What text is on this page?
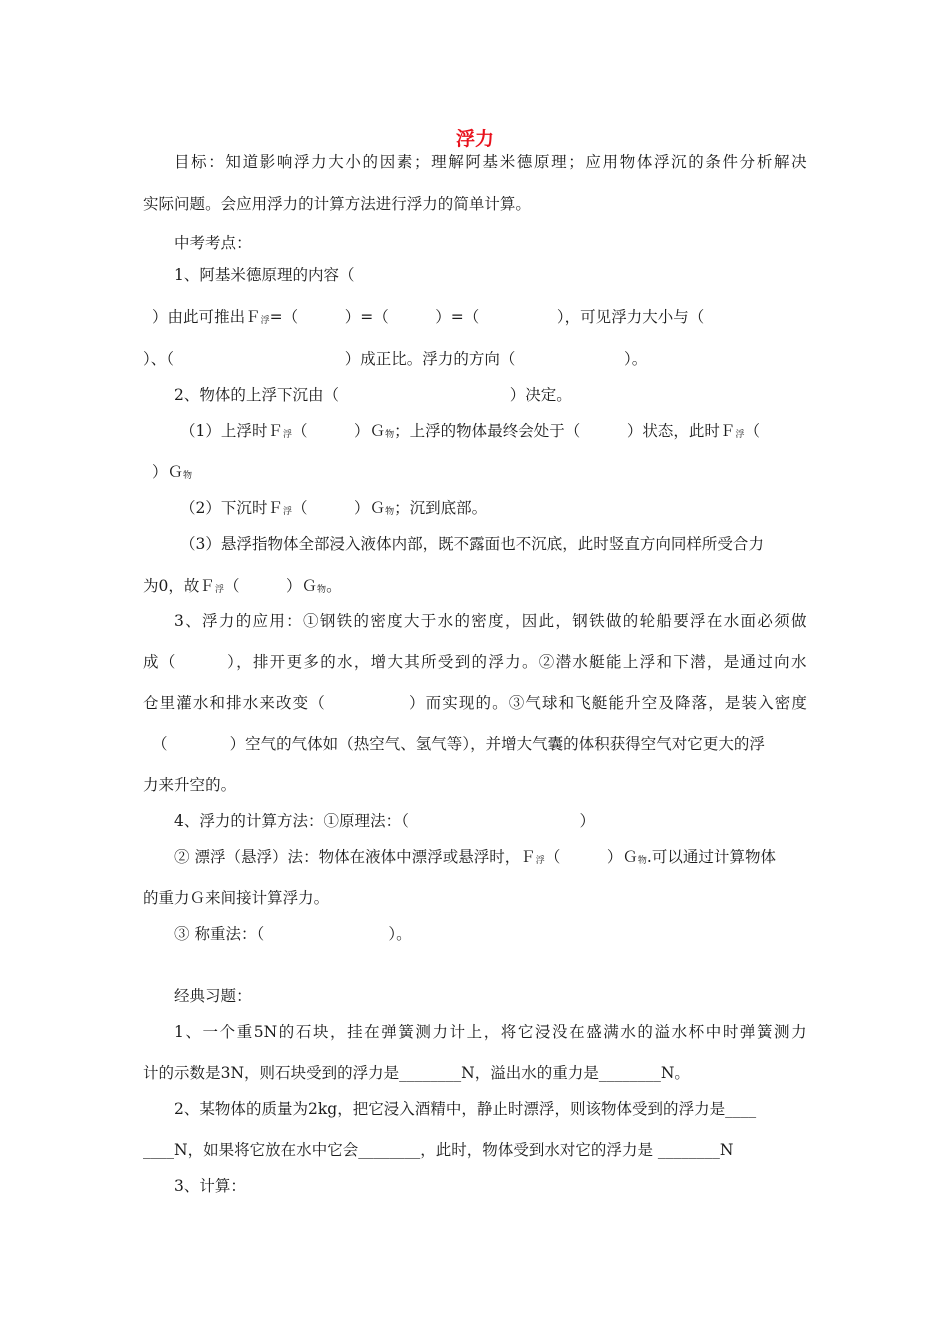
浮力
目标：知道影响浮力大小的因素；理解阿基米德原理；应用物体浮沉的条件分析解决
实际问题。会应用浮力的计算方法进行浮力的简单计算。
中考考点：
1、阿基米德原理的内容（
）由此可推出Ｆ$_浮$=（　　　	）=（　　　	）=（　　　　　	），可见浮力大小与（
）、（　　　　　　　　　　　	）成正比。浮力的方向（　　　　　　　	）。
2、物体的上浮下沉由（　　　　　　　　　　　	）决定。
（1）上浮时Ｆ$_浮$（　　　	）Ｇ$_物$；上浮的物体最终会处于（　　　	）状态，此时Ｆ$_浮$（
）Ｇ$_物$
（2）下沉时Ｆ$_浮$（　　　	）Ｇ$_物$；沉到底部。
（3）悬浮指物体全部浸入液体内部，既不露面也不沉底，此时竖直方向同样所受合力
为0，故Ｆ$_浮$（　　　	）Ｇ$_物$。
3、浮力的应用：①钢铁的密度大于水的密度，因此，钢铁做的轮船要浮在水面必须做
成（　　　	），排开更多的水，增大其所受到的浮力。②潜水艇能上浮和下潜，是通过向水
仓里灌水和排水来改变（　　　　　	）而实现的。③气球和飞艇能升空及降落，是装入密度
（　　　　	）空气的气体如（热空气、氢气等），并增大气囊的体积获得空气对它更大的浮
力来升空的。
4、浮力的计算方法：①原理法：（　　　　　　　　　　　	）
② 漂浮（悬浮）法：物体在液体中漂浮或悬浮时，Ｆ$_浮$（　　　	）Ｇ$_物$.可以通过计算物体
的重力Ｇ来间接计算浮力。
③ 称重法：（　　　　　　　　	）。
经典习题：
1、一个重5N的石块，挂在弹簧测力计上，将它浸没在盛满水的溢水杯中时弹簧测力
计的示数是3N，则石块受到的浮力是________N，溢出水的重力是________N。
2、某物体的质量为2kg，把它浸入酒精中，静止时漂浮，则该物体受到的浮力是____
____N，如果将它放在水中它会________，此时，物体受到水对它的浮力是 ________N
3、计算：
